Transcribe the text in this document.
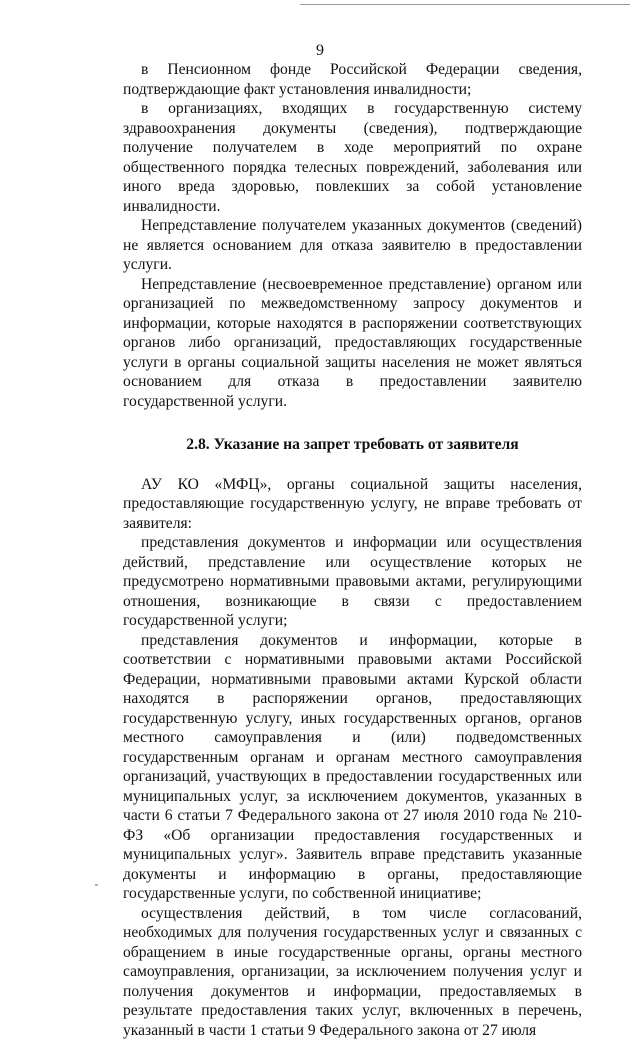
9

в Пенсионном фонде Российской Федерации сведения, подтверждающие факт установления инвалидности;

в организациях, входящих в государственную систему здравоохранения документы (сведения), подтверждающие получение получателем в ходе мероприятий по охране общественного порядка телесных повреждений, заболевания или иного вреда здоровью, повлекших за собой установление инвалидности.

Непредставление получателем указанных документов (сведений) не является основанием для отказа заявителю в предоставлении услуги.

Непредставление (несвоевременное представление) органом или организацией по межведомственному запросу документов и информации, которые находятся в распоряжении соответствующих органов либо организаций, предоставляющих государственные услуги в органы социальной защиты населения не может являться основанием для отказа в предоставлении заявителю государственной услуги.

2.8. Указание на запрет требовать от заявителя

АУ КО «МФЦ», органы социальной защиты населения, предоставляющие государственную услугу, не вправе требовать от заявителя:

представления документов и информации или осуществления действий, представление или осуществление которых не предусмотрено нормативными правовыми актами, регулирующими отношения, возникающие в связи с предоставлением государственной услуги;

представления документов и информации, которые в соответствии с нормативными правовыми актами Российской Федерации, нормативными правовыми актами Курской области находятся в распоряжении органов, предоставляющих государственную услугу, иных государственных органов, органов местного самоуправления и (или) подведомственных государственным органам и органам местного самоуправления организаций, участвующих в предоставлении государственных или муниципальных услуг, за исключением документов, указанных в части 6 статьи 7 Федерального закона от 27 июля 2010 года № 210-ФЗ «Об организации предоставления государственных и муниципальных услуг». Заявитель вправе представить указанные документы и информацию в органы, предоставляющие государственные услуги, по собственной инициативе;

осуществления действий, в том числе согласований, необходимых для получения государственных услуг и связанных с обращением в иные государственные органы, органы местного самоуправления, организации, за исключением получения услуг и получения документов и информации, предоставляемых в результате предоставления таких услуг, включенных в перечень, указанный в части 1 статьи 9 Федерального закона от 27 июля
